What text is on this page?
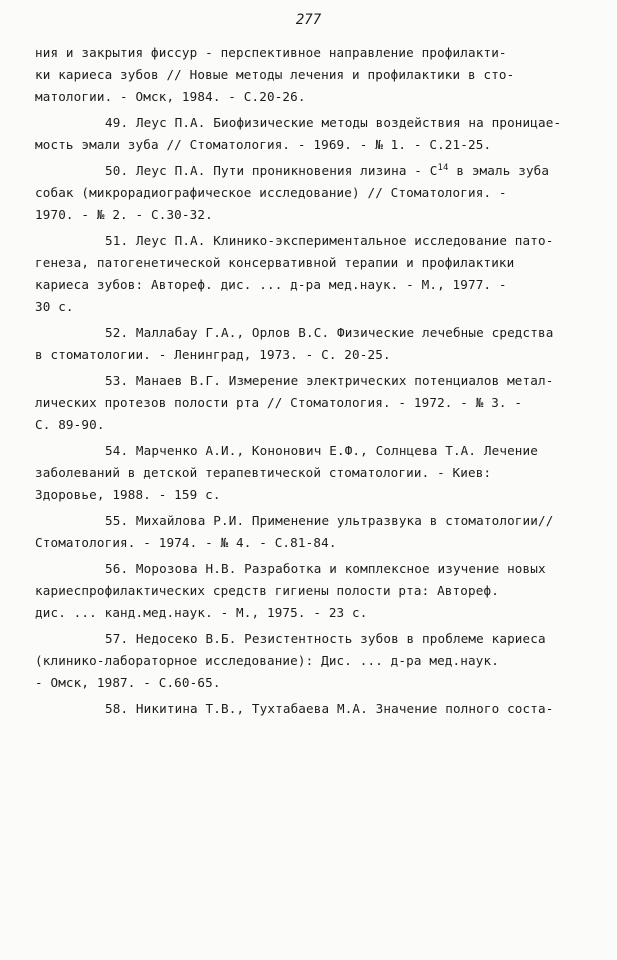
277
ния и закрытия фиссур - перспективное направление профилакти-
ки кариеса зубов // Новые методы лечения и профилактики в сто-
матологии. - Омск, 1984. - С.20-26.
49. Леус П.А. Биофизические методы воздействия на проницае-
мость эмали зуба // Стоматология. - 1969. - № 1. - С.21-25.
50. Леус П.А. Пути проникновения лизина - $С^{14}$ в эмаль зуба
собак (микрорадиографическое исследование) // Стоматология. -
1970. - № 2. - С.30-32.
51. Леус П.А. Клинико-экспериментальное исследование пато-
генеза, патогенетической консервативной терапии и профилактики
кариеса зубов: Автореф. дис. ... д-ра мед.наук. - М., 1977. -
30 с.
52. Маллабау Г.А., Орлов В.С. Физические лечебные средства
в стоматологии. - Ленинград, 1973. - С. 20-25.
53. Манаев В.Г. Измерение электрических потенциалов метал-
лических протезов полости рта // Стоматология. - 1972. - № 3. -
С. 89-90.
54. Марченко А.И., Кононович Е.Ф., Солнцева Т.А. Лечение
заболеваний в детской терапевтической стоматологии. - Киев:
Здоровье, 1988. - 159 с.
55. Михайлова Р.И. Применение ультразвука в стоматологии//
Стоматология. - 1974. - № 4. - С.81-84.
56. Морозова Н.В. Разработка и комплексное изучение новых
кариеспрофилактических средств гигиены полости рта: Автореф.
дис. ... канд.мед.наук. - М., 1975. - 23 с.
57. Недосеко В.Б. Резистентность зубов в проблеме кариеса
(клинико-лабораторное исследование): Дис. ... д-ра мед.наук.
- Омск, 1987. - С.60-65.
58. Никитина Т.В., Тухтабаева М.А. Значение полного соста-
